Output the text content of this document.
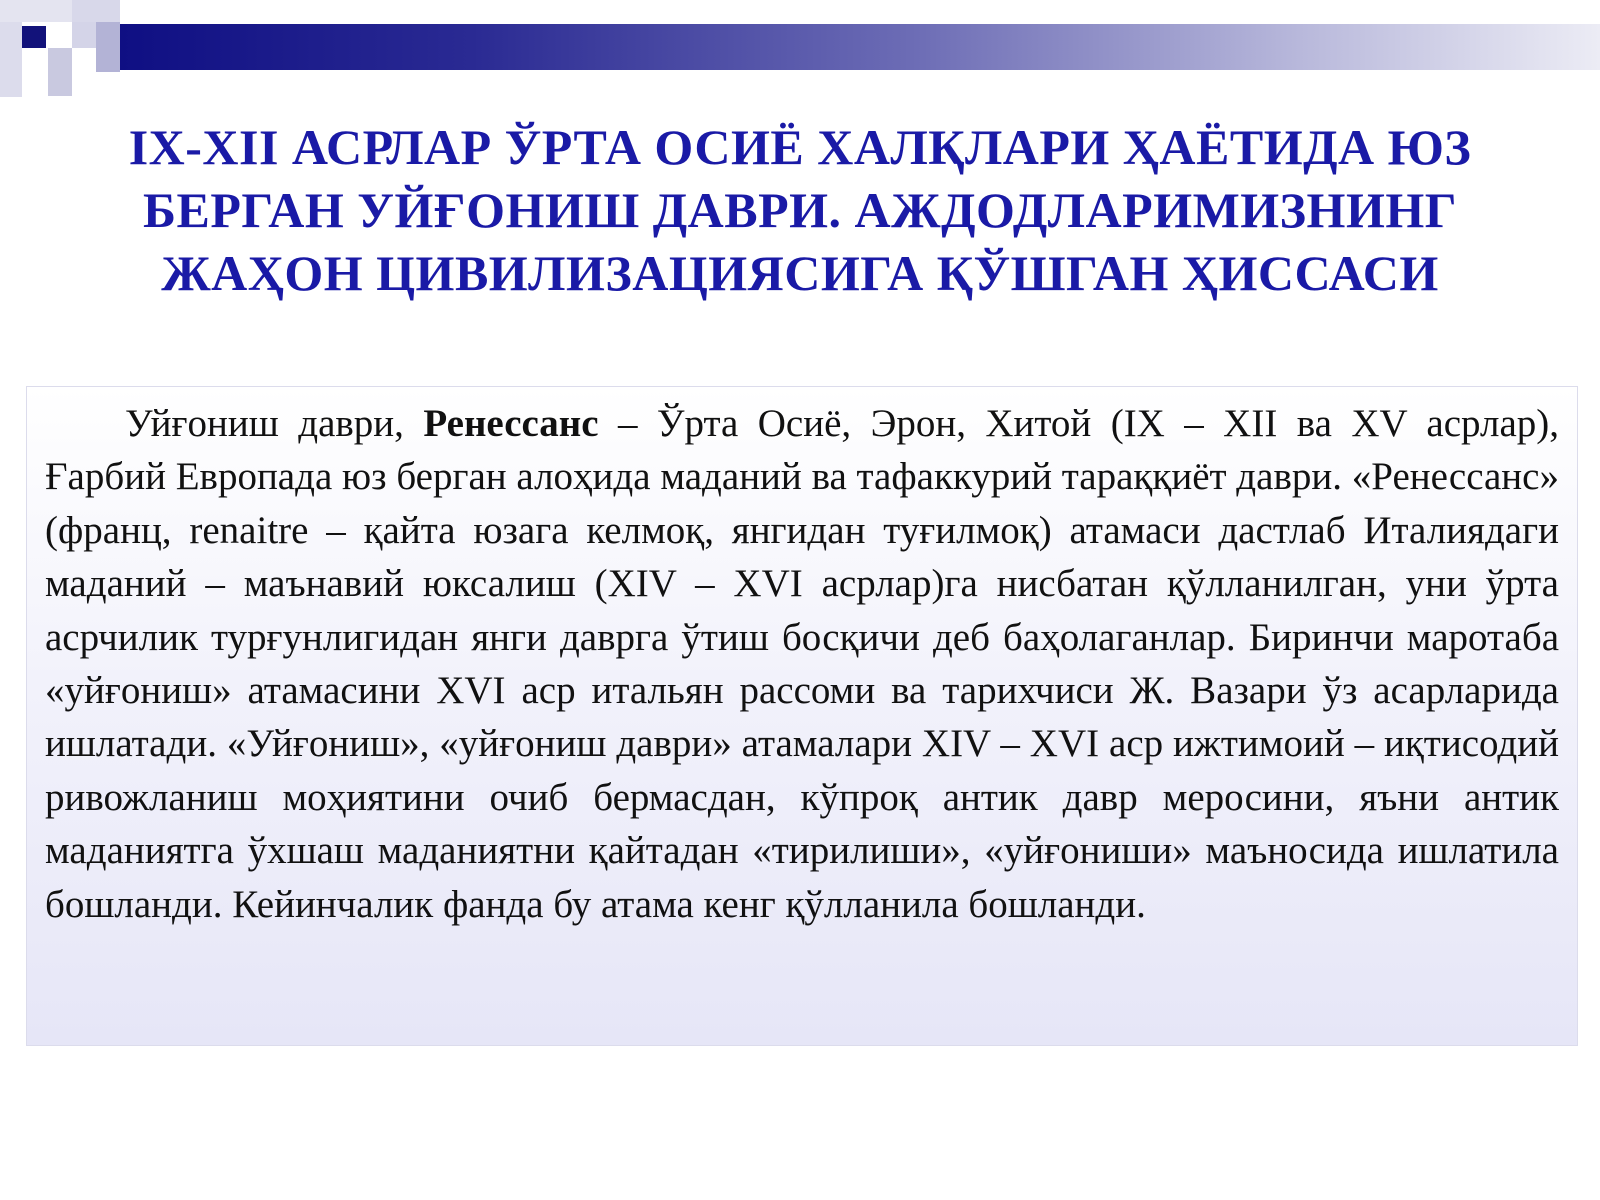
IX-XII АСРЛАР ЎРТА ОСИЁ ХАЛҚЛАРИ ҲАЁТИДА ЮЗ
БЕРГАН УЙҒОНИШ ДАВРИ. АЖДОДЛАРИМИЗНИНГ
ЖАҲОН ЦИВИЛИЗАЦИЯСИГА ҚЎШГАН ҲИССАСИ

Уйғониш даври, Ренессанс – Ўрта Осиё, Эрон, Хитой (IX – XII ва XV асрлар), Ғарбий Европада юз берган алоҳида маданий ва тафаккурий тараққиёт даври. «Ренессанс» (франц, renaitre – қайта юзага келмоқ, янгидан туғилмоқ) атамаси дастлаб Италиядаги маданий – маънавий юксалиш (XIV – XVI асрлар)га нисбатан қўлланилган, уни ўрта асрчилик турғунлигидан янги даврга ўтиш босқичи деб баҳолаганлар. Биринчи маротаба «уйғониш» атамасини XVI аср итальян рассоми ва тарихчиси Ж. Вазари ўз асарларида ишлатади. «Уйғониш», «уйғониш даври» атамалари XIV – XVI аср ижтимоий – иқтисодий ривожланиш моҳиятини очиб бермасдан, кўпроқ антик давр меросини, яъни антик маданиятга ўхшаш маданиятни қайтадан «тирилиши», «уйғониши» маъносида ишлатила бошланди. Кейинчалик фанда бу атама кенг қўлланила бошланди.
